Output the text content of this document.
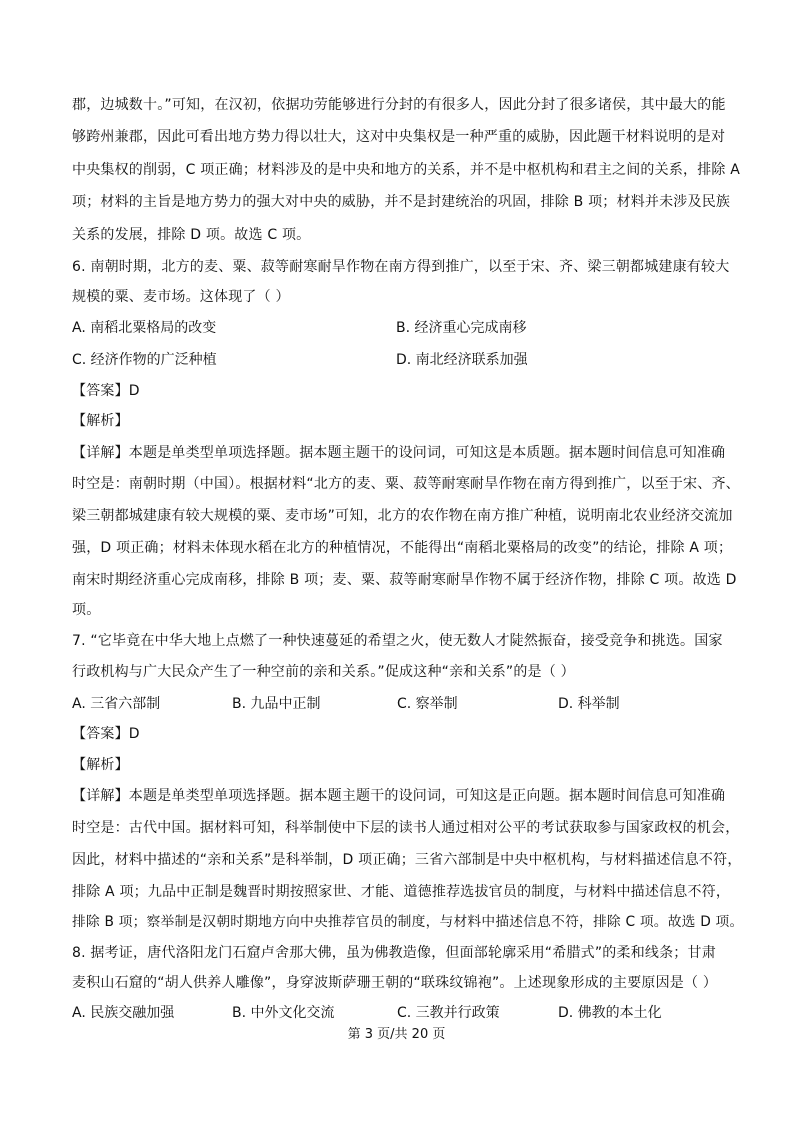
郡，边城数十。”可知，在汉初，依据功劳能够进行分封的有很多人，因此分封了很多诸侯，其中最大的能
够跨州兼郡，因此可看出地方势力得以壮大，这对中央集权是一种严重的威胁，因此题干材料说明的是对
中央集权的削弱，C 项正确；材料涉及的是中央和地方的关系，并不是中枢机构和君主之间的关系，排除 A
项；材料的主旨是地方势力的强大对中央的威胁，并不是封建统治的巩固，排除 B 项；材料并未涉及民族
关系的发展，排除 D 项。故选 C 项。
6. 南朝时期，北方的麦、粟、菽等耐寒耐旱作物在南方得到推广，以至于宋、齐、梁三朝都城建康有较大
规模的粟、麦市场。这体现了（ ）
A. 南稻北粟格局的改变	B. 经济重心完成南移
C. 经济作物的广泛种植	D. 南北经济联系加强
【答案】D
【解析】
【详解】本题是单类型单项选择题。据本题主题干的设问词，可知这是本质题。据本题时间信息可知准确
时空是：南朝时期（中国）。根据材料“北方的麦、粟、菽等耐寒耐旱作物在南方得到推广，以至于宋、齐、
梁三朝都城建康有较大规模的粟、麦市场”可知，北方的农作物在南方推广种植，说明南北农业经济交流加
强，D 项正确；材料未体现水稻在北方的种植情况，不能得出“南稻北粟格局的改变”的结论，排除 A 项；
南宋时期经济重心完成南移，排除 B 项；麦、粟、菽等耐寒耐旱作物不属于经济作物，排除 C 项。故选 D
项。
7. “它毕竟在中华大地上点燃了一种快速蔓延的希望之火，使无数人才陡然振奋，接受竞争和挑选。国家
行政机构与广大民众产生了一种空前的亲和关系。”促成这种“亲和关系”的是（ ）
A. 三省六部制	B. 九品中正制	C. 察举制	D. 科举制
【答案】D
【解析】
【详解】本题是单类型单项选择题。据本题主题干的设问词，可知这是正向题。据本题时间信息可知准确
时空是：古代中国。据材料可知，科举制使中下层的读书人通过相对公平的考试获取参与国家政权的机会，
因此，材料中描述的“亲和关系”是科举制，D 项正确；三省六部制是中央中枢机构，与材料描述信息不符，
排除 A 项；九品中正制是魏晋时期按照家世、才能、道德推荐选拔官员的制度，与材料中描述信息不符，
排除 B 项；察举制是汉朝时期地方向中央推荐官员的制度，与材料中描述信息不符，排除 C 项。故选 D 项。
8. 据考证，唐代洛阳龙门石窟卢舍那大佛，虽为佛教造像，但面部轮廓采用“希腊式”的柔和线条；甘肃
麦积山石窟的“胡人供养人雕像”，身穿波斯萨珊王朝的“联珠纹锦袍”。上述现象形成的主要原因是（ ）
A. 民族交融加强	B. 中外文化交流	C. 三教并行政策	D. 佛教的本土化
第 3 页/共 20 页
